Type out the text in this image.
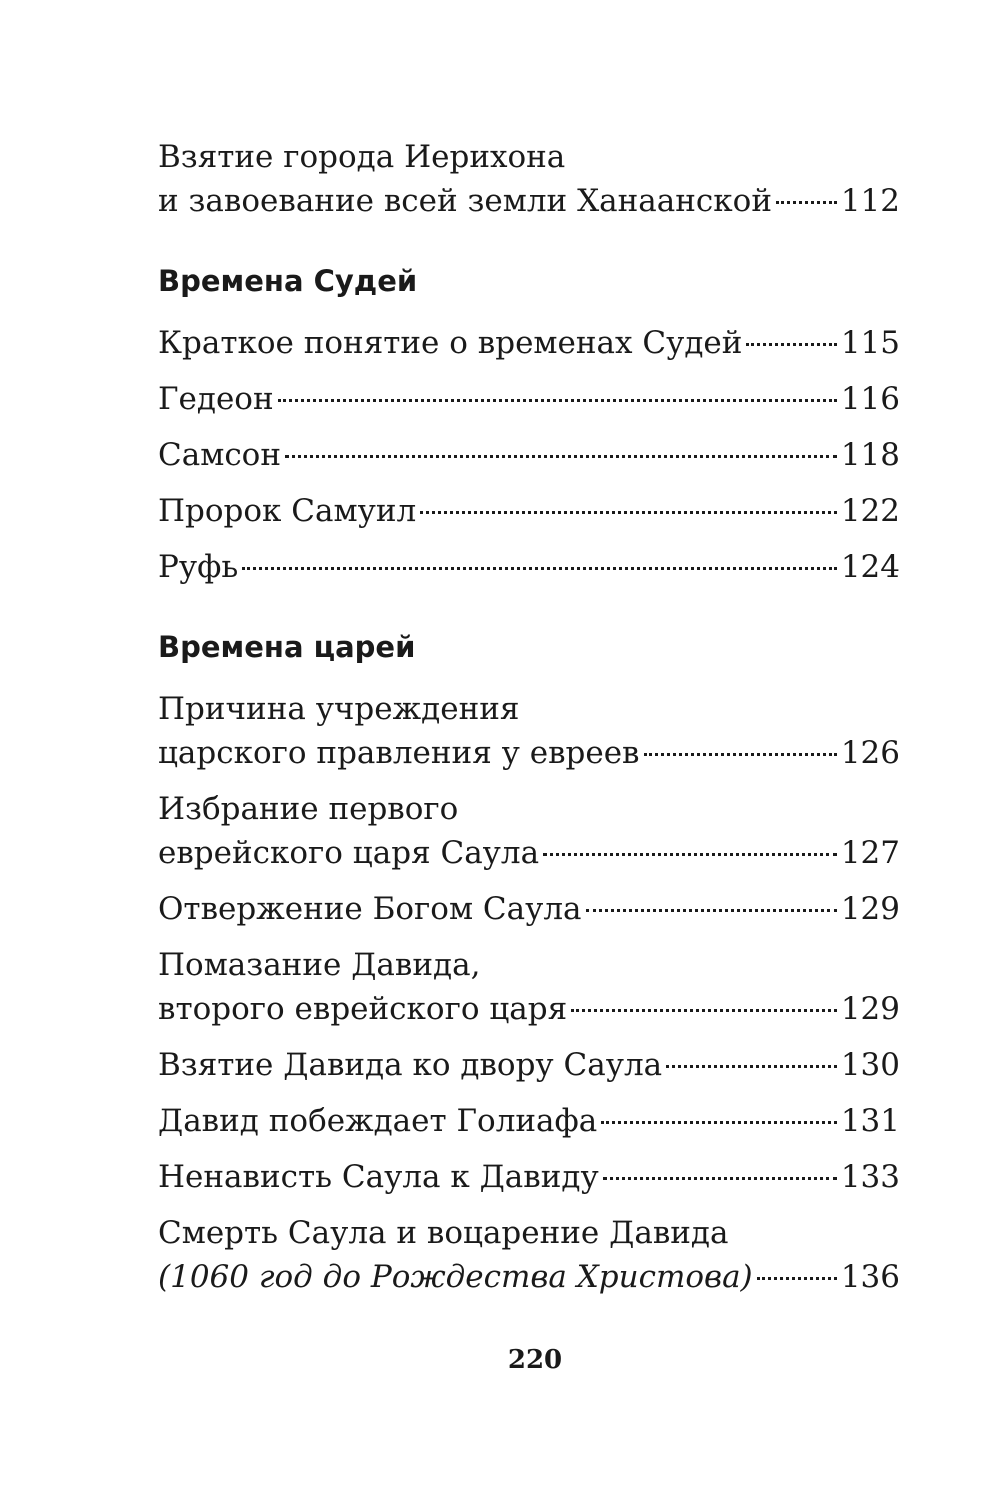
Взятие города Иерихона
и завоевание всей земли Ханаанской 112
Времена Судей
Краткое понятие о временах Судей	115
Гедеон	116
Самсон	118
Пророк Самуил	122
Руфь	124
Времена царей
Причина учреждения
царского правления у евреев	126
Избрание первого
еврейского царя Саула	127
Отвержение Богом Саула	129
Помазание Давида,
второго еврейского царя	129
Взятие Давида ко двору Саула	130
Давид побеждает Голиафа	131
Ненависть Саула к Давиду	133
Смерть Саула и воцарение Давида
(1060 год до Рождества Христова)	136
220
